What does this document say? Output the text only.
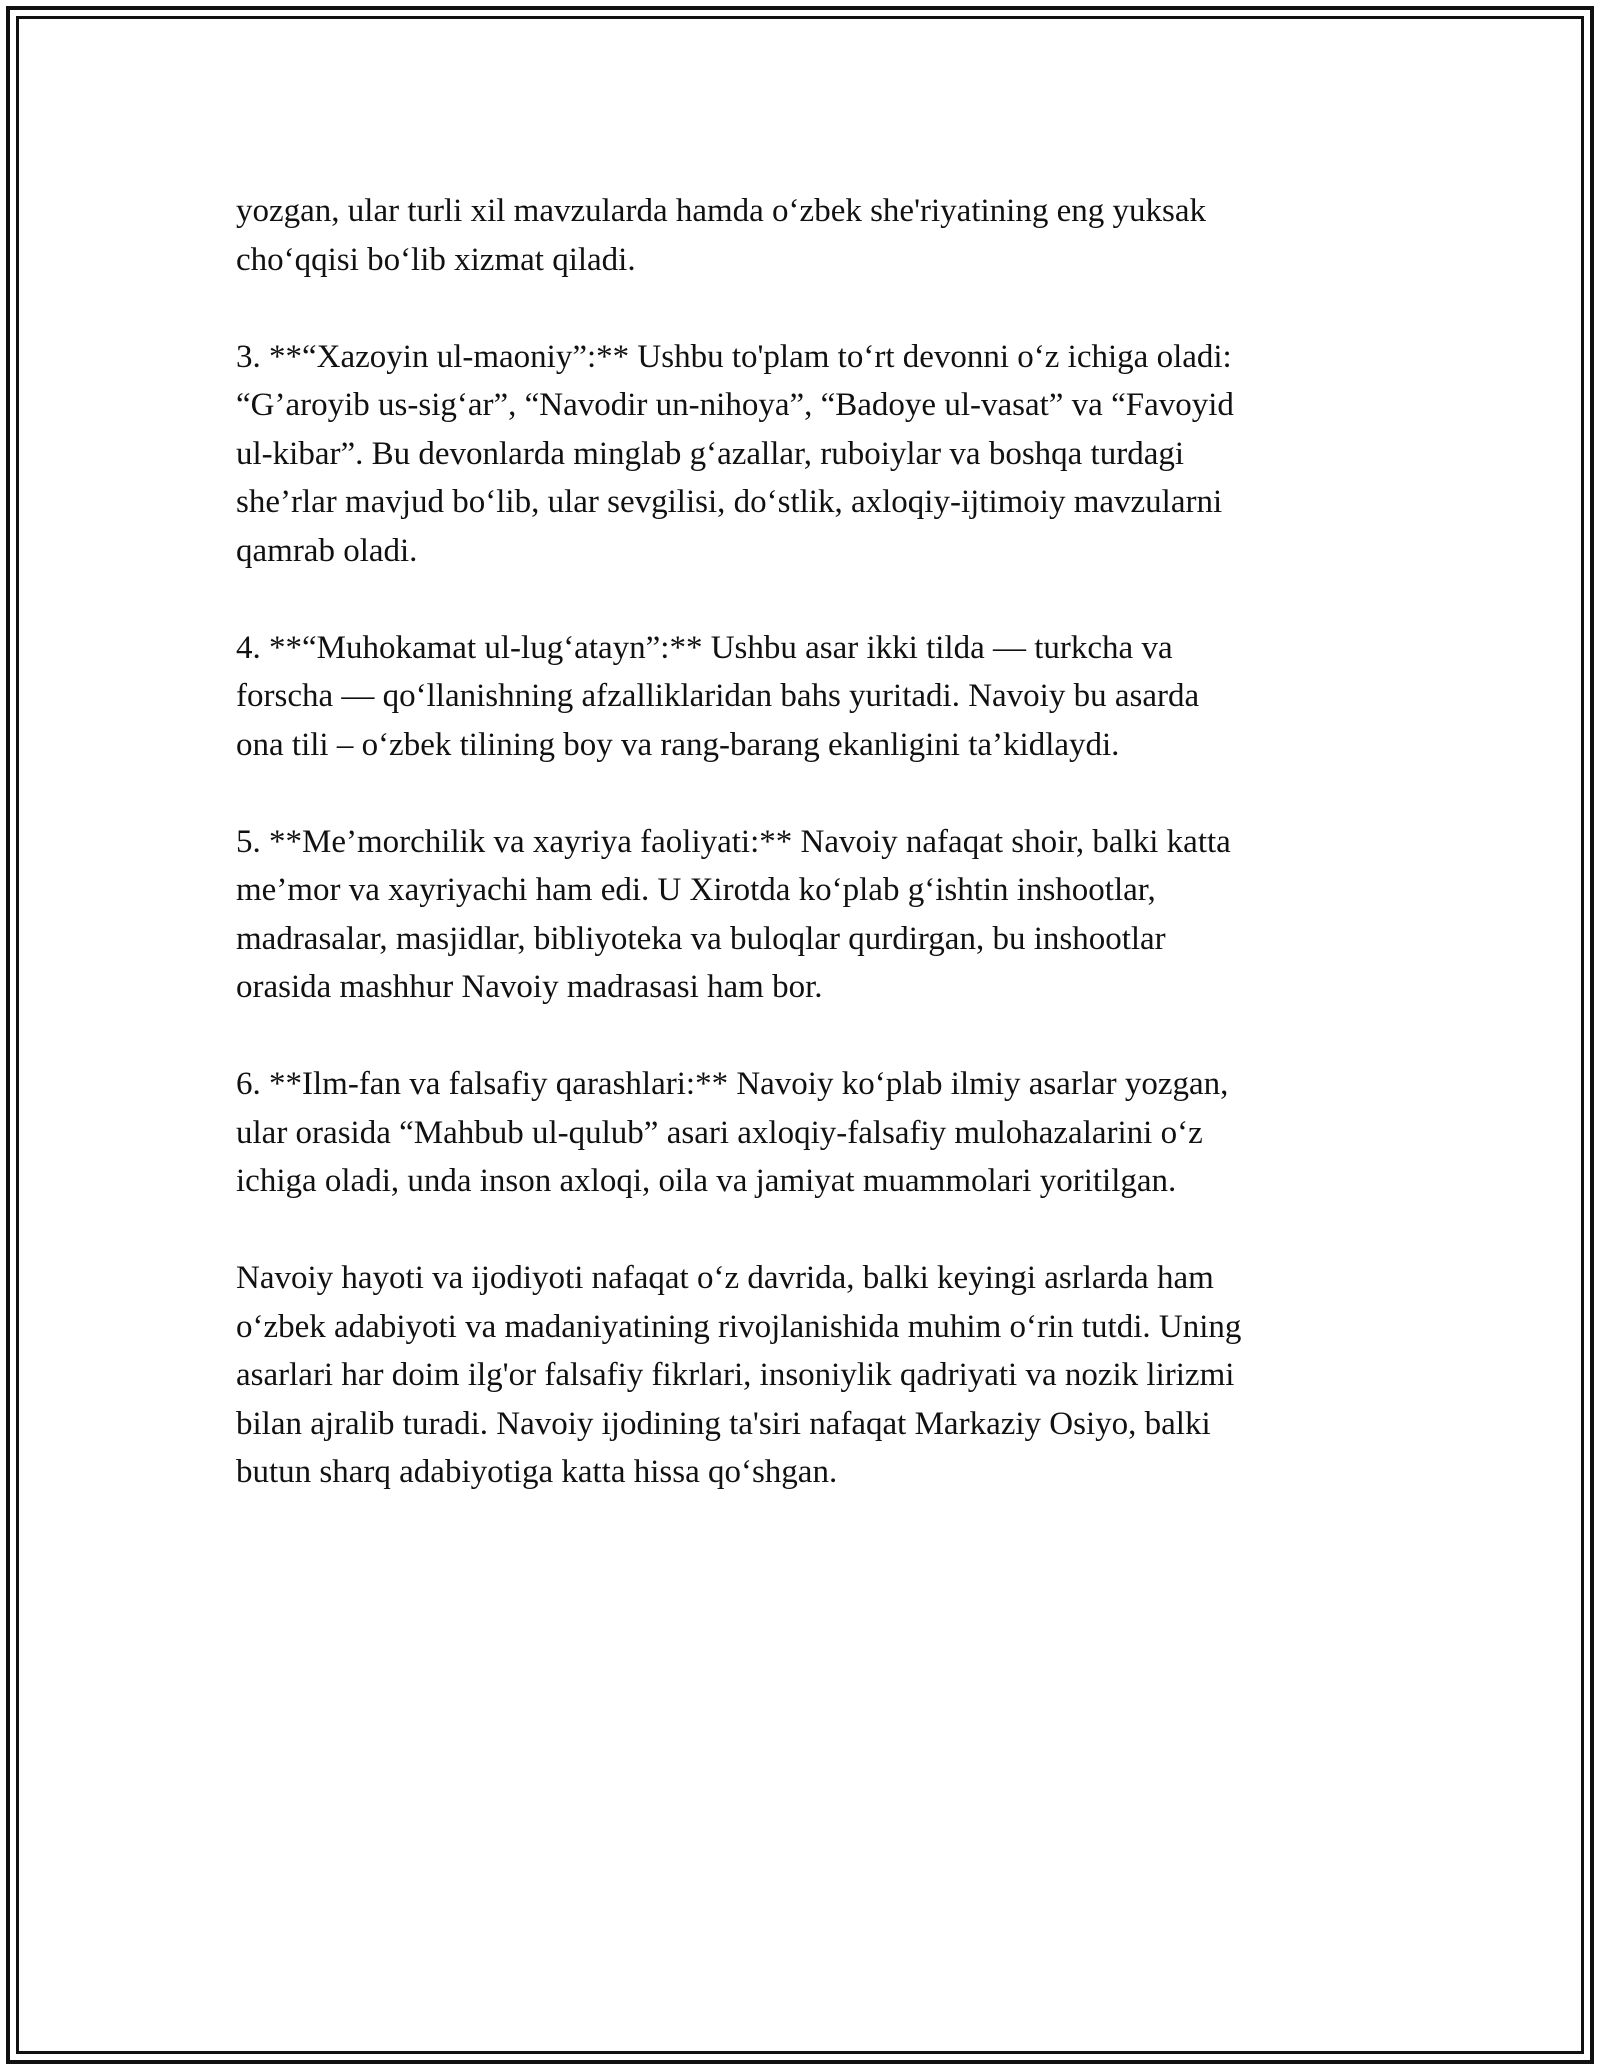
yozgan, ular turli xil mavzularda hamda o‘zbek she'riyatining eng yuksak
cho‘qqisi bo‘lib xizmat qiladi.

3. **“Xazoyin ul-maoniy”:** Ushbu to'plam to‘rt devonni o‘z ichiga oladi:
“G’aroyib us-sig‘ar”, “Navodir un-nihoya”, “Badoye ul-vasat” va “Favoyid
ul-kibar”. Bu devonlarda minglab g‘azallar, ruboiylar va boshqa turdagi
she’rlar mavjud bo‘lib, ular sevgilisi, do‘stlik, axloqiy-ijtimoiy mavzularni
qamrab oladi.

4. **“Muhokamat ul-lug‘atayn”:** Ushbu asar ikki tilda — turkcha va
forscha — qo‘llanishning afzalliklaridan bahs yuritadi. Navoiy bu asarda
ona tili – o‘zbek tilining boy va rang-barang ekanligini ta’kidlaydi.

5. **Me’morchilik va xayriya faoliyati:** Navoiy nafaqat shoir, balki katta
me’mor va xayriyachi ham edi. U Xirotda ko‘plab g‘ishtin inshootlar,
madrasalar, masjidlar, bibliyoteka va buloqlar qurdirgan, bu inshootlar
orasida mashhur Navoiy madrasasi ham bor.

6. **Ilm-fan va falsafiy qarashlari:** Navoiy ko‘plab ilmiy asarlar yozgan,
ular orasida “Mahbub ul-qulub” asari axloqiy-falsafiy mulohazalarini o‘z
ichiga oladi, unda inson axloqi, oila va jamiyat muammolari yoritilgan.

Navoiy hayoti va ijodiyoti nafaqat o‘z davrida, balki keyingi asrlarda ham
o‘zbek adabiyoti va madaniyatining rivojlanishida muhim o‘rin tutdi. Uning
asarlari har doim ilg'or falsafiy fikrlari, insoniylik qadriyati va nozik lirizmi
bilan ajralib turadi. Navoiy ijodining ta'siri nafaqat Markaziy Osiyo, balki
butun sharq adabiyotiga katta hissa qo‘shgan.
